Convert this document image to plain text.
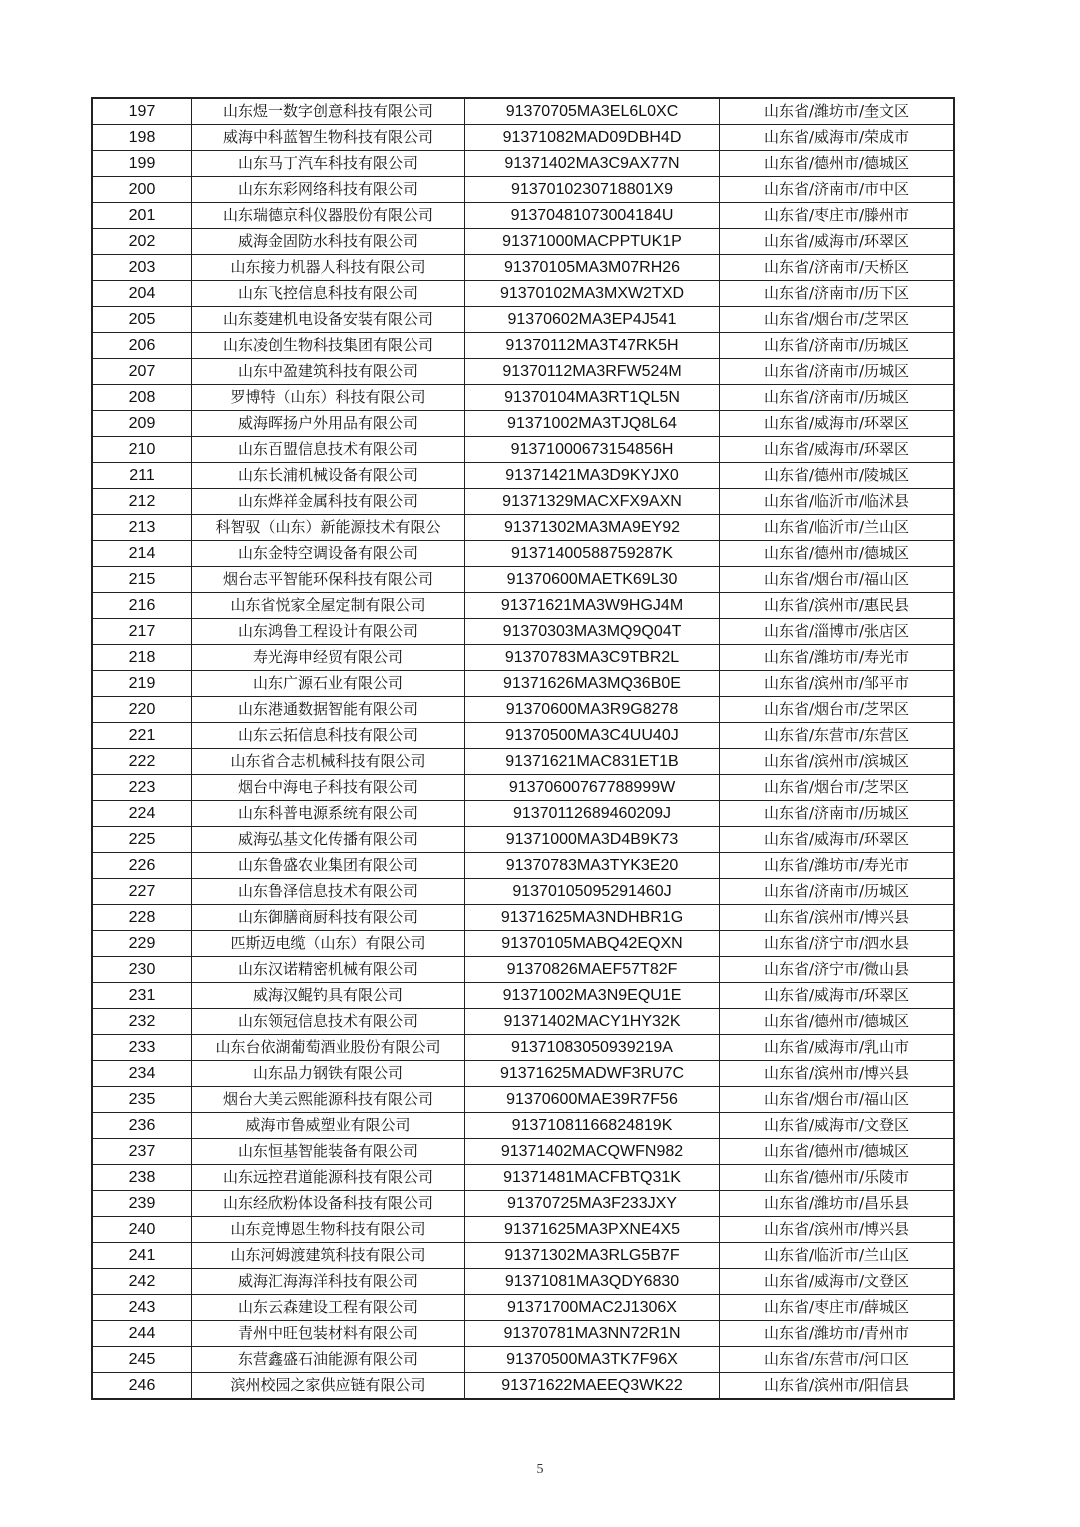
197	山东煜一数字创意科技有限公司	91370705MA3EL6L0XC	山东省/潍坊市/奎文区
198	威海中科蓝智生物科技有限公司	91371082MAD09DBH4D	山东省/威海市/荣成市
199	山东马丁汽车科技有限公司	91371402MA3C9AX77N	山东省/德州市/德城区
200	山东东彩网络科技有限公司	9137010230718801X9	山东省/济南市/市中区
201	山东瑞德京科仪器股份有限公司	91370481073004184U	山东省/枣庄市/滕州市
202	威海金固防水科技有限公司	91371000MACPPTUK1P	山东省/威海市/环翠区
203	山东接力机器人科技有限公司	91370105MA3M07RH26	山东省/济南市/天桥区
204	山东飞控信息科技有限公司	91370102MA3MXW2TXD	山东省/济南市/历下区
205	山东菱建机电设备安装有限公司	91370602MA3EP4J541	山东省/烟台市/芝罘区
206	山东凌创生物科技集团有限公司	91370112MA3T47RK5H	山东省/济南市/历城区
207	山东中盈建筑科技有限公司	91370112MA3RFW524M	山东省/济南市/历城区
208	罗博特（山东）科技有限公司	91370104MA3RT1QL5N	山东省/济南市/历城区
209	威海晖扬户外用品有限公司	91371002MA3TJQ8L64	山东省/威海市/环翠区
210	山东百盟信息技术有限公司	91371000673154856H	山东省/威海市/环翠区
211	山东长浦机械设备有限公司	91371421MA3D9KYJX0	山东省/德州市/陵城区
212	山东烨祥金属科技有限公司	91371329MACXFX9AXN	山东省/临沂市/临沭县
213	科智驭（山东）新能源技术有限公	91371302MA3MA9EY92	山东省/临沂市/兰山区
214	山东金特空调设备有限公司	91371400588759287K	山东省/德州市/德城区
215	烟台志平智能环保科技有限公司	91370600MAETK69L30	山东省/烟台市/福山区
216	山东省悦家全屋定制有限公司	91371621MA3W9HGJ4M	山东省/滨州市/惠民县
217	山东鸿鲁工程设计有限公司	91370303MA3MQ9Q04T	山东省/淄博市/张店区
218	寿光海申经贸有限公司	91370783MA3C9TBR2L	山东省/潍坊市/寿光市
219	山东广源石业有限公司	91371626MA3MQ36B0E	山东省/滨州市/邹平市
220	山东港通数据智能有限公司	91370600MA3R9G8278	山东省/烟台市/芝罘区
221	山东云拓信息科技有限公司	91370500MA3C4UU40J	山东省/东营市/东营区
222	山东省合志机械科技有限公司	91371621MAC831ET1B	山东省/滨州市/滨城区
223	烟台中海电子科技有限公司	91370600767788999W	山东省/烟台市/芝罘区
224	山东科普电源系统有限公司	91370112689460209J	山东省/济南市/历城区
225	威海弘基文化传播有限公司	91371000MA3D4B9K73	山东省/威海市/环翠区
226	山东鲁盛农业集团有限公司	91370783MA3TYK3E20	山东省/潍坊市/寿光市
227	山东鲁泽信息技术有限公司	91370105095291460J	山东省/济南市/历城区
228	山东御膳商厨科技有限公司	91371625MA3NDHBR1G	山东省/滨州市/博兴县
229	匹斯迈电缆（山东）有限公司	91370105MABQ42EQXN	山东省/济宁市/泗水县
230	山东汉诺精密机械有限公司	91370826MAEF57T82F	山东省/济宁市/微山县
231	威海汉鲲钓具有限公司	91371002MA3N9EQU1E	山东省/威海市/环翠区
232	山东领冠信息技术有限公司	91371402MACY1HY32K	山东省/德州市/德城区
233	山东台依湖葡萄酒业股份有限公司	91371083050939219A	山东省/威海市/乳山市
234	山东品力钢铁有限公司	91371625MADWF3RU7C	山东省/滨州市/博兴县
235	烟台大美云熙能源科技有限公司	91370600MAE39R7F56	山东省/烟台市/福山区
236	威海市鲁威塑业有限公司	91371081166824819K	山东省/威海市/文登区
237	山东恒基智能装备有限公司	91371402MACQWFN982	山东省/德州市/德城区
238	山东远控君道能源科技有限公司	91371481MACFBTQ31K	山东省/德州市/乐陵市
239	山东经欣粉体设备科技有限公司	91370725MA3F233JXY	山东省/潍坊市/昌乐县
240	山东竞博恩生物科技有限公司	91371625MA3PXNE4X5	山东省/滨州市/博兴县
241	山东河姆渡建筑科技有限公司	91371302MA3RLG5B7F	山东省/临沂市/兰山区
242	威海汇海海洋科技有限公司	91371081MA3QDY6830	山东省/威海市/文登区
243	山东云森建设工程有限公司	91371700MAC2J1306X	山东省/枣庄市/薛城区
244	青州中旺包装材料有限公司	91370781MA3NN72R1N	山东省/潍坊市/青州市
245	东营鑫盛石油能源有限公司	91370500MA3TK7F96X	山东省/东营市/河口区
246	滨州校园之家供应链有限公司	91371622MAEEQ3WK22	山东省/滨州市/阳信县
5
